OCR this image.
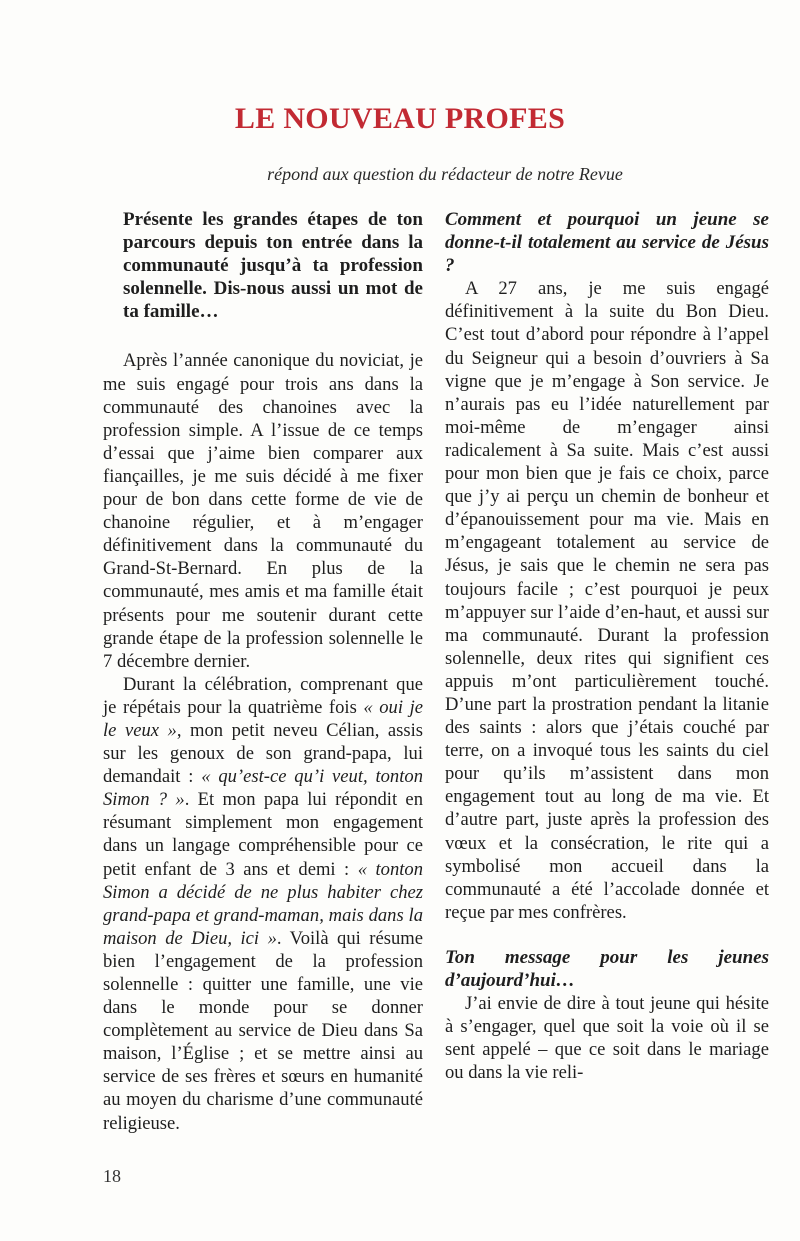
LE NOUVEAU PROFES

répond aux question du rédacteur de notre Revue

Présente les grandes étapes de ton parcours depuis ton entrée dans la communauté jusqu’à ta profession solennelle. Dis-nous aussi un mot de ta famille…

Après l’année canonique du noviciat, je me suis engagé pour trois ans dans la communauté des chanoines avec la profession simple. A l’issue de ce temps d’essai que j’aime bien comparer aux fiançailles, je me suis décidé à me fixer pour de bon dans cette forme de vie de chanoine régulier, et à m’engager définitivement dans la communauté du Grand-St-Bernard. En plus de la communauté, mes amis et ma famille était présents pour me soutenir durant cette grande étape de la profession solennelle le 7 décembre dernier.

Durant la célébration, comprenant que je répétais pour la quatrième fois « oui je le veux », mon petit neveu Célian, assis sur les genoux de son grand-papa, lui demandait : « qu’est-ce qu’i veut, tonton Simon ? ». Et mon papa lui répondit en résumant simplement mon engagement dans un langage compréhensible pour ce petit enfant de 3 ans et demi : « tonton Simon a décidé de ne plus habiter chez grand-papa et grand-maman, mais dans la maison de Dieu, ici ». Voilà qui résume bien l’engagement de la profession solennelle : quitter une famille, une vie dans le monde pour se donner complètement au service de Dieu dans Sa maison, l’Église ; et se mettre ainsi au service de ses frères et sœurs en humanité au moyen du charisme d’une communauté religieuse.

Comment et pourquoi un jeune se donne-t-il totalement au service de Jésus ?

A 27 ans, je me suis engagé définitivement à la suite du Bon Dieu. C’est tout d’abord pour répondre à l’appel du Seigneur qui a besoin d’ouvriers à Sa vigne que je m’engage à Son service. Je n’aurais pas eu l’idée naturellement par moi-même de m’engager ainsi radicalement à Sa suite. Mais c’est aussi pour mon bien que je fais ce choix, parce que j’y ai perçu un chemin de bonheur et d’épanouissement pour ma vie. Mais en m’engageant totalement au service de Jésus, je sais que le chemin ne sera pas toujours facile ; c’est pourquoi je peux m’appuyer sur l’aide d’en-haut, et aussi sur ma communauté. Durant la profession solennelle, deux rites qui signifient ces appuis m’ont particulièrement touché. D’une part la prostration pendant la litanie des saints : alors que j’étais couché par terre, on a invoqué tous les saints du ciel pour qu’ils m’assistent dans mon engagement tout au long de ma vie. Et d’autre part, juste après la profession des vœux et la consécration, le rite qui a symbolisé mon accueil dans la communauté a été l’accolade donnée et reçue par mes confrères.

Ton message pour les jeunes d’aujourd’hui…

J’ai envie de dire à tout jeune qui hésite à s’engager, quel que soit la voie où il se sent appelé – que ce soit dans le mariage ou dans la vie reli-

18
